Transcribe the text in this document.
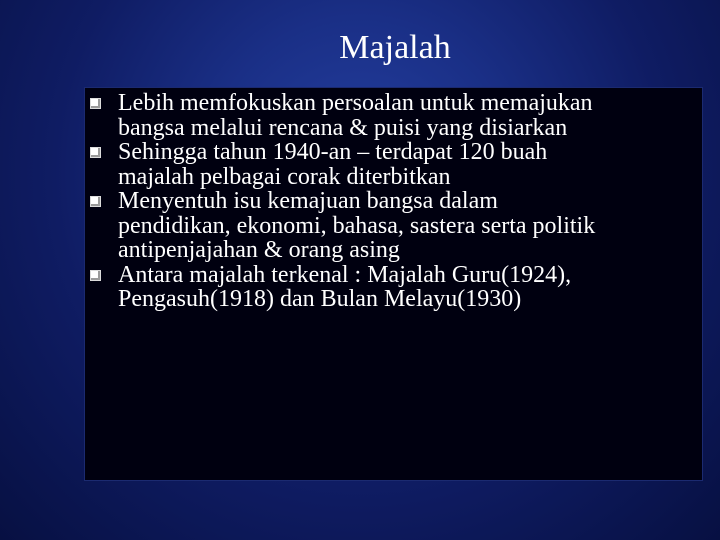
Majalah
Lebih memfokuskan persoalan untuk memajukan
bangsa melalui rencana & puisi yang disiarkan
Sehingga tahun 1940-an – terdapat 120 buah
majalah pelbagai corak diterbitkan
Menyentuh isu kemajuan bangsa dalam
pendidikan, ekonomi, bahasa, sastera serta politik
antipenjajahan & orang asing
Antara majalah terkenal : Majalah Guru(1924),
Pengasuh(1918) dan Bulan Melayu(1930)
